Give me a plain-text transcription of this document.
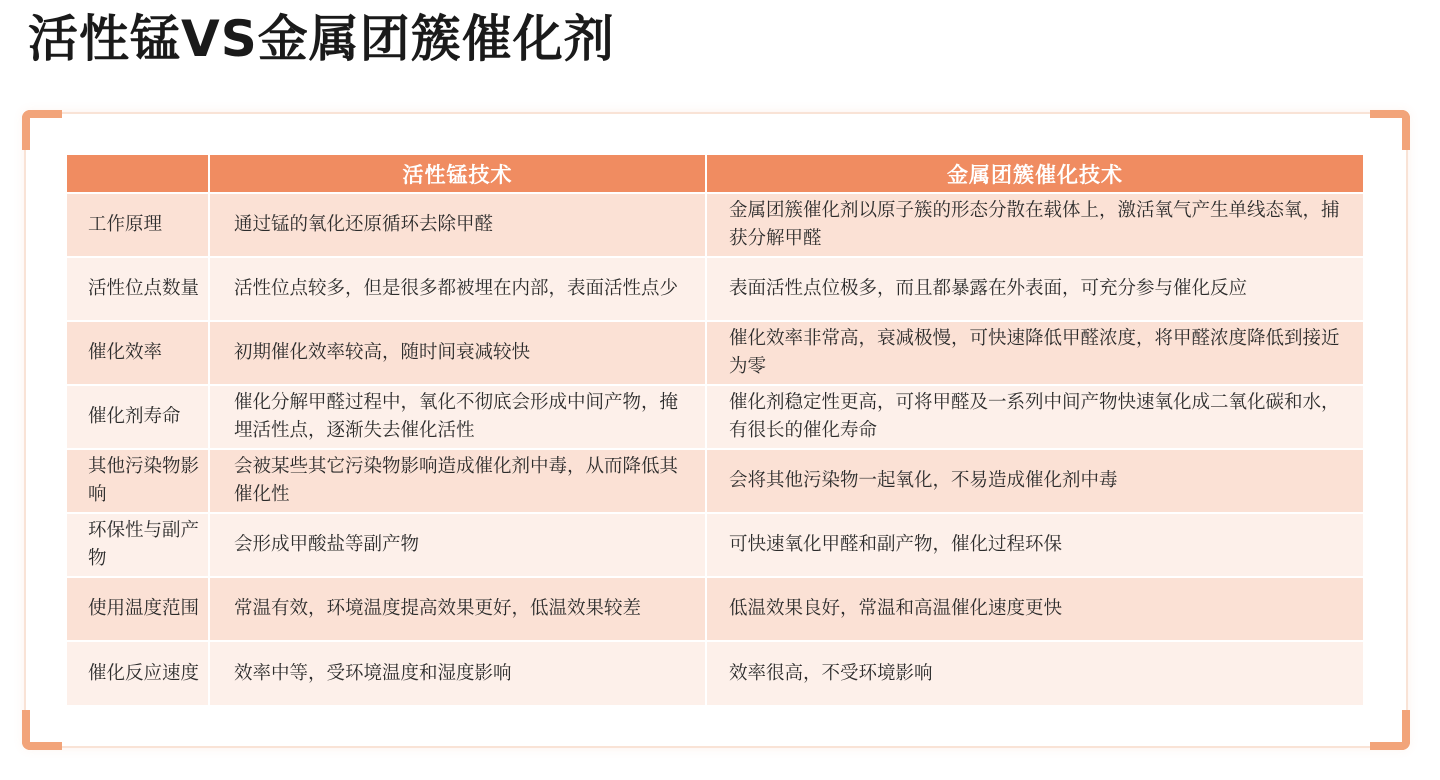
活性锰VS金属团簇催化剂
	活性锰技术	金属团簇催化技术
工作原理	通过锰的氧化还原循环去除甲醛	金属团簇催化剂以原子簇的形态分散在载体上，激活氧气产生单线态氧，捕获分解甲醛
活性位点数量	活性位点较多，但是很多都被埋在内部，表面活性点少	表面活性点位极多，而且都暴露在外表面，可充分参与催化反应
催化效率	初期催化效率较高，随时间衰减较快	催化效率非常高，衰减极慢，可快速降低甲醛浓度，将甲醛浓度降低到接近为零
催化剂寿命	催化分解甲醛过程中，氧化不彻底会形成中间产物，掩埋活性点，逐渐失去催化活性	催化剂稳定性更高，可将甲醛及一系列中间产物快速氧化成二氧化碳和水，有很长的催化寿命
其他污染物影响	会被某些其它污染物影响造成催化剂中毒，从而降低其催化性	会将其他污染物一起氧化，不易造成催化剂中毒
环保性与副产物	会形成甲酸盐等副产物	可快速氧化甲醛和副产物，催化过程环保
使用温度范围	常温有效，环境温度提高效果更好，低温效果较差	低温效果良好，常温和高温催化速度更快
催化反应速度	效率中等，受环境温度和湿度影响	效率很高，不受环境影响
